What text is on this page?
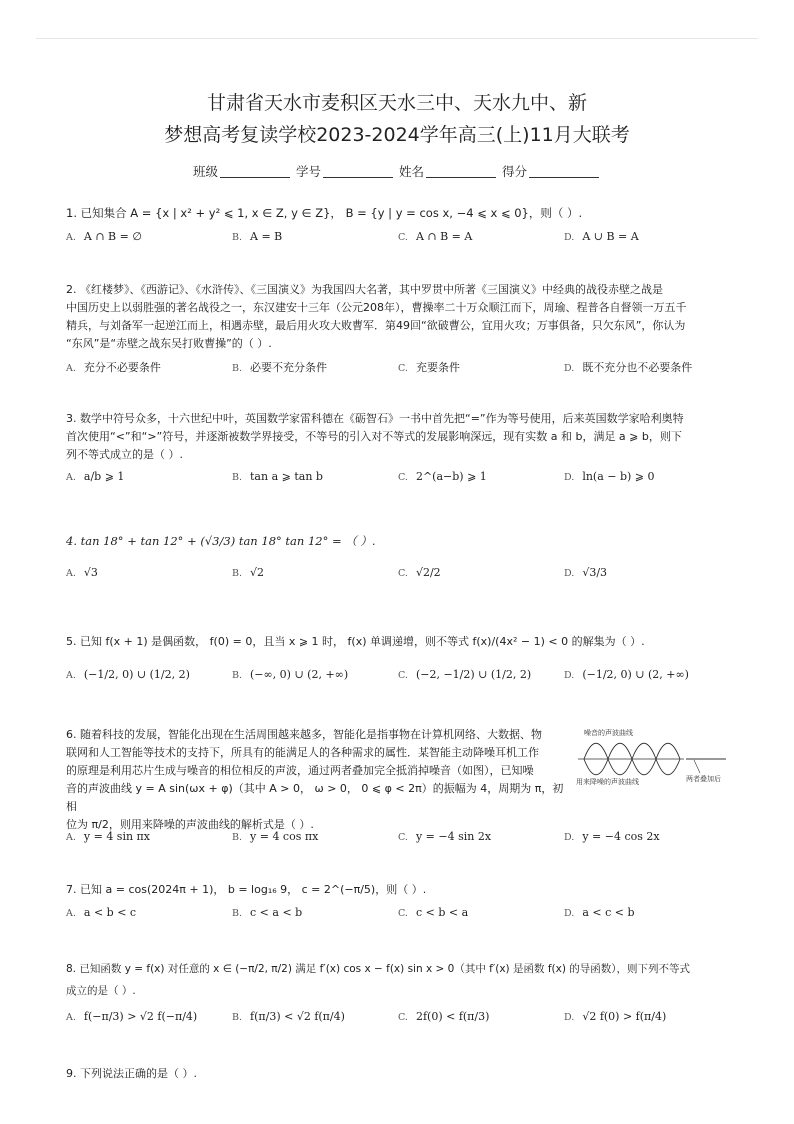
甘肃省天水市麦积区天水三中、天水九中、新
梦想高考复读学校2023-2024学年高三(上)11月大联考
班级	学号	姓名	得分
1. 已知集合 A = {x | x² + y² ⩽ 1, x ∈ Z, y ∈ Z}， B = {y | y = cos x, −4 ⩽ x ⩽ 0}，则（ ）.
A. A ∩ B = ∅	B. A = B	C. A ∩ B = A	D. A ∪ B = A
2. 《红楼梦》、《西游记》、《水浒传》、《三国演义》为我国四大名著，其中罗贯中所著《三国演义》中经典的战役赤壁之战是
中国历史上以弱胜强的著名战役之一，东汉建安十三年（公元208年），曹操率二十万众顺江而下，周瑜、程普各自督领一万五千
精兵，与刘备军一起逆江而上，相遇赤壁，最后用火攻大败曹军．第49回“欲破曹公，宜用火攻；万事俱备，只欠东风”，你认为
“东风”是“赤壁之战东吴打败曹操”的（ ）.
A. 充分不必要条件	B. 必要不充分条件	C. 充要条件	D. 既不充分也不必要条件
3. 数学中符号众多，十六世纪中叶，英国数学家雷科德在《砺智石》一书中首先把“=”作为等号使用，后来英国数学家哈利奥特
首次使用“<”和“>”符号，并逐渐被数学界接受，不等号的引入对不等式的发展影响深远，现有实数 a 和 b，满足 a ⩾ b，则下
列不等式成立的是（ ）.
A. a/b ⩾ 1	B. tan a ⩾ tan b	C. 2^(a−b) ⩾ 1	D. ln(a − b) ⩾ 0
4. tan 18° + tan 12° + (√3/3) tan 18° tan 12° = （ ）.
A. √3	B. √2	C. √2/2	D. √3/3
5. 已知 f(x + 1) 是偶函数， f(0) = 0，且当 x ⩾ 1 时， f(x) 单调递增，则不等式 f(x)/(4x² − 1) < 0 的解集为（ ）.
A. (−1/2, 0) ∪ (1/2, 2)	B. (−∞, 0) ∪ (2, +∞)	C. (−2, −1/2) ∪ (1/2, 2)	D. (−1/2, 0) ∪ (2, +∞)
6. 随着科技的发展，智能化出现在生活周围越来越多，智能化是指事物在计算机网络、大数据、物
联网和人工智能等技术的支持下，所具有的能满足人的各种需求的属性．某智能主动降噪耳机工作
的原理是利用芯片生成与噪音的相位相反的声波，通过两者叠加完全抵消掉噪音（如图），已知噪
音的声波曲线 y = A sin(ωx + φ)（其中 A > 0， ω > 0， 0 ⩽ φ < 2π）的振幅为 4，周期为 π，初相
位为 π/2，则用来降噪的声波曲线的解析式是（ ）.
噪音的声波曲线
用来降噪的声波曲线	两者叠加后
A. y = 4 sin πx	B. y = 4 cos πx	C. y = −4 sin 2x	D. y = −4 cos 2x
7. 已知 a = cos(2024π + 1)， b = log₁₆ 9， c = 2^(−π/5)，则（ ）.
A. a < b < c	B. c < a < b	C. c < b < a	D. a < c < b
8. 已知函数 y = f(x) 对任意的 x ∈ (−π/2, π/2) 满足 f′(x) cos x − f(x) sin x > 0（其中 f′(x) 是函数 f(x) 的导函数），则下列不等式
成立的是（ ）.
A. f(−π/3) > √2 f(−π/4)	B. f(π/3) < √2 f(π/4)	C. 2f(0) < f(π/3)	D. √2 f(0) > f(π/4)
9. 下列说法正确的是（ ）.
